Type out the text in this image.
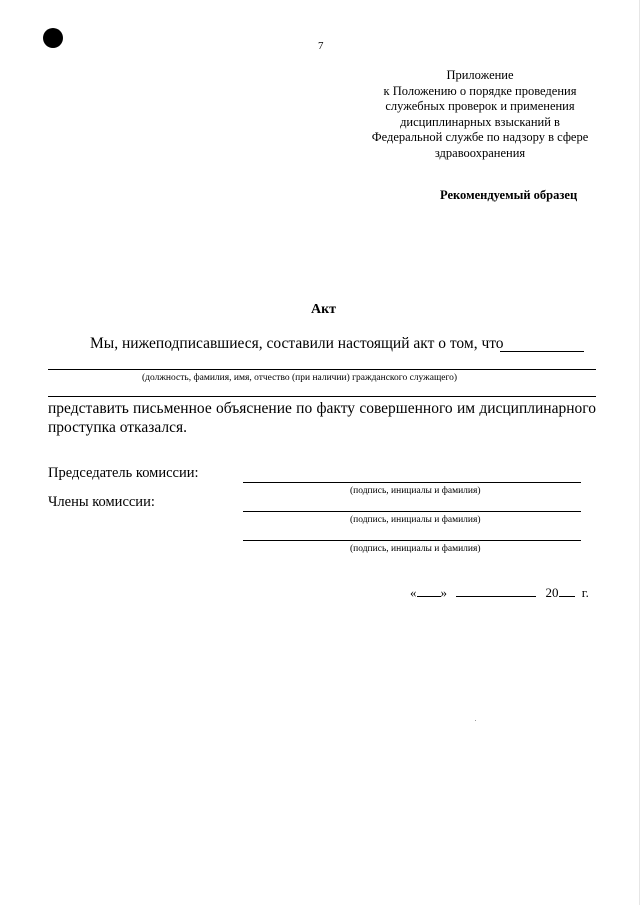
7
Приложение
к Положению о порядке проведения
служебных проверок и применения
дисциплинарных взысканий в
Федеральной службе по надзору в сфере
здравоохранения
Рекомендуемый образец
Акт
Мы, нижеподписавшиеся, составили настоящий акт о том, что
(должность, фамилия, имя, отчество (при наличии) гражданского служащего)
представить письменное объяснение по факту совершенного им дисциплинарного проступка отказался.
Председатель комиссии:
(подпись, инициалы и фамилия)
Члены комиссии:
(подпись, инициалы и фамилия)
(подпись, инициалы и фамилия)
« »	20 г.
